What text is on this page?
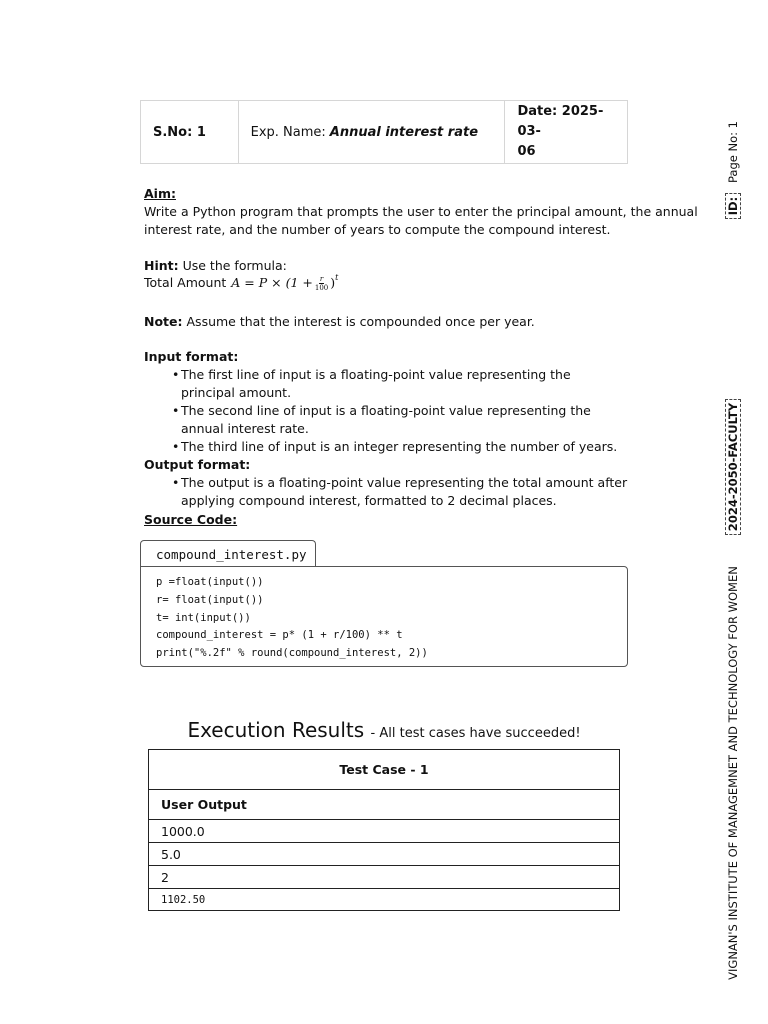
S.No: 1	Exp. Name: Annual interest rate
Date: 2025-03-
06
Aim:
Write a Python program that prompts the user to enter the principal amount, the annual
interest rate, and the number of years to compute the compound interest.
Hint: Use the formula:
Total Amount $A = P \times (1 + \frac{r}{100} )^t$
Note: Assume that the interest is compounded once per year.
Input format:
• The first line of input is a floating-point value representing the principal amount.
• The second line of input is a floating-point value representing the annual interest rate.
• The third line of input is an integer representing the number of years.
Output format:
• The output is a floating-point value representing the total amount after applying compound interest, formatted to 2 decimal places.
Source Code:
compound_interest.py
p =float(input())
r= float(input())
t= int(input())
compound_interest = p* (1 + r/100) ** t
print("%.2f" % round(compound_interest, 2))
Execution Results - All test cases have succeeded!
Test Case - 1
User Output
1000.0
5.0
2
1102.50
Page No: 1
ID:
2024-2050-FACULTY
VIGNAN'S INSTITUTE OF MANAGEMNET AND TECHNOLOGY FOR WOMEN
